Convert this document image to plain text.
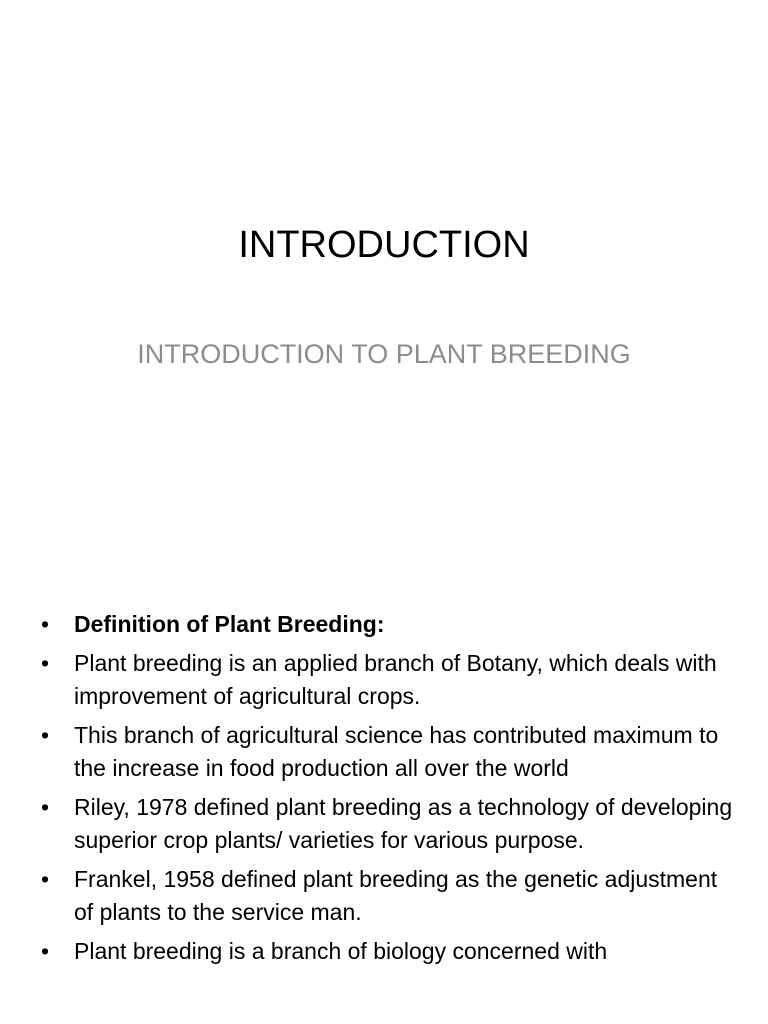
INTRODUCTION
INTRODUCTION TO PLANT BREEDING
• Definition of Plant Breeding:
• Plant breeding is an applied branch of Botany, which deals with improvement of agricultural crops.
• This branch of agricultural science has contributed maximum to the increase in food production all over the world
• Riley, 1978 defined plant breeding as a technology of developing superior crop plants/ varieties for various purpose.
• Frankel, 1958 defined plant breeding as the genetic adjustment of plants to the service man.
• Plant breeding is a branch of biology concerned with
